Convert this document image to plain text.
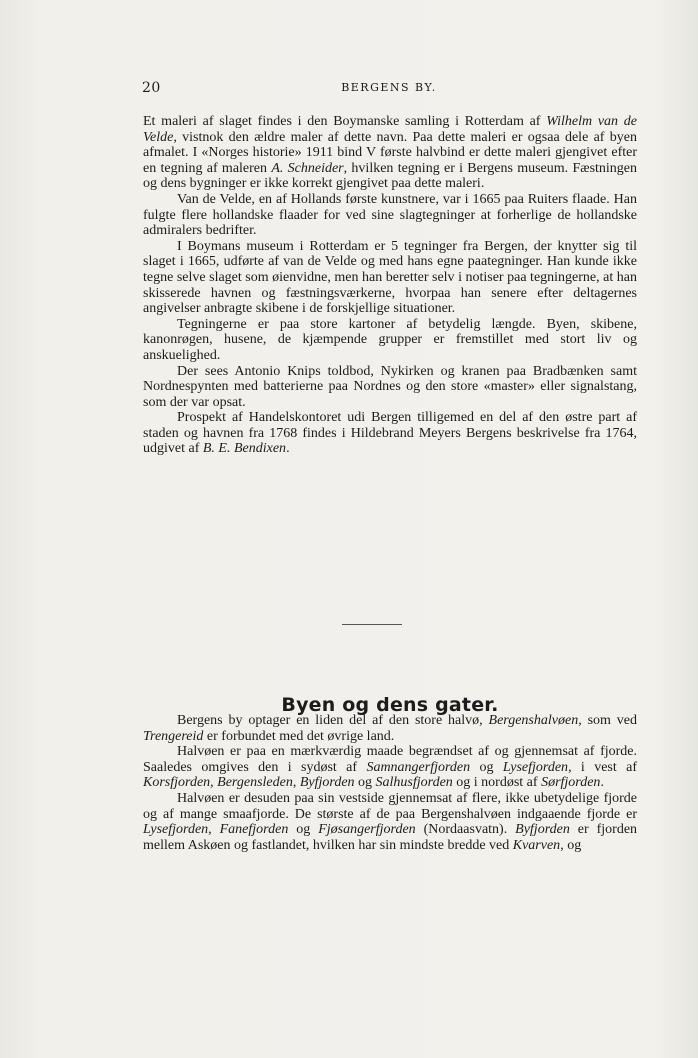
20	BERGENS BY.

Et maleri af slaget findes i den Boymanske samling i Rotterdam af Wilhelm van de Velde, vistnok den ældre maler af dette navn. Paa dette maleri er ogsaa dele af byen afmalet. I «Norges historie» 1911 bind V første halvbind er dette maleri gjengivet efter en tegning af maleren A. Schneider, hvilken tegning er i Bergens museum. Fæstningen og dens bygninger er ikke korrekt gjengivet paa dette maleri.

Van de Velde, en af Hollands første kunstnere, var i 1665 paa Ruiters flaade. Han fulgte flere hollandske flaader for ved sine slagtegninger at forherlige de hollandske admiralers bedrifter.

I Boymans museum i Rotterdam er 5 tegninger fra Bergen, der knytter sig til slaget i 1665, udførte af van de Velde og med hans egne paategninger. Han kunde ikke tegne selve slaget som øienvidne, men han beretter selv i notiser paa tegningerne, at han skisserede havnen og fæstningsværkerne, hvorpaa han senere efter deltagernes angivelser anbragte skibene i de forskjellige situationer.

Tegningerne er paa store kartoner af betydelig længde. Byen, skibene, kanonrøgen, husene, de kjæmpende grupper er fremstillet med stort liv og anskuelighed.

Der sees Antonio Knips toldbod, Nykirken og kranen paa Bradbænken samt Nordnespynten med batterierne paa Nordnes og den store «master» eller signalstang, som der var opsat.

Prospekt af Handelskontoret udi Bergen tilligemed en del af den østre part af staden og havnen fra 1768 findes i Hildebrand Meyers Bergens beskrivelse fra 1764, udgivet af B. E. Bendixen.

Byen og dens gater.

Bergens by optager en liden del af den store halvø, Bergenshalvøen, som ved Trengereid er forbundet med det øvrige land.

Halvøen er paa en mærkværdig maade begrændset af og gjennemsat af fjorde. Saaledes omgives den i sydøst af Samnangerfjorden og Lysefjorden, i vest af Korsfjorden, Bergensleden, Byfjorden og Salhusfjorden og i nordøst af Sørfjorden.

Halvøen er desuden paa sin vestside gjennemsat af flere, ikke ubetydelige fjorde og af mange smaafjorde. De største af de paa Bergenshalvøen indgaaende fjorde er Lysefjorden, Fanefjorden og Fjøsangerfjorden (Nordaasvatn). Byfjorden er fjorden mellem Askøen og fastlandet, hvilken har sin mindste bredde ved Kvarven, og
